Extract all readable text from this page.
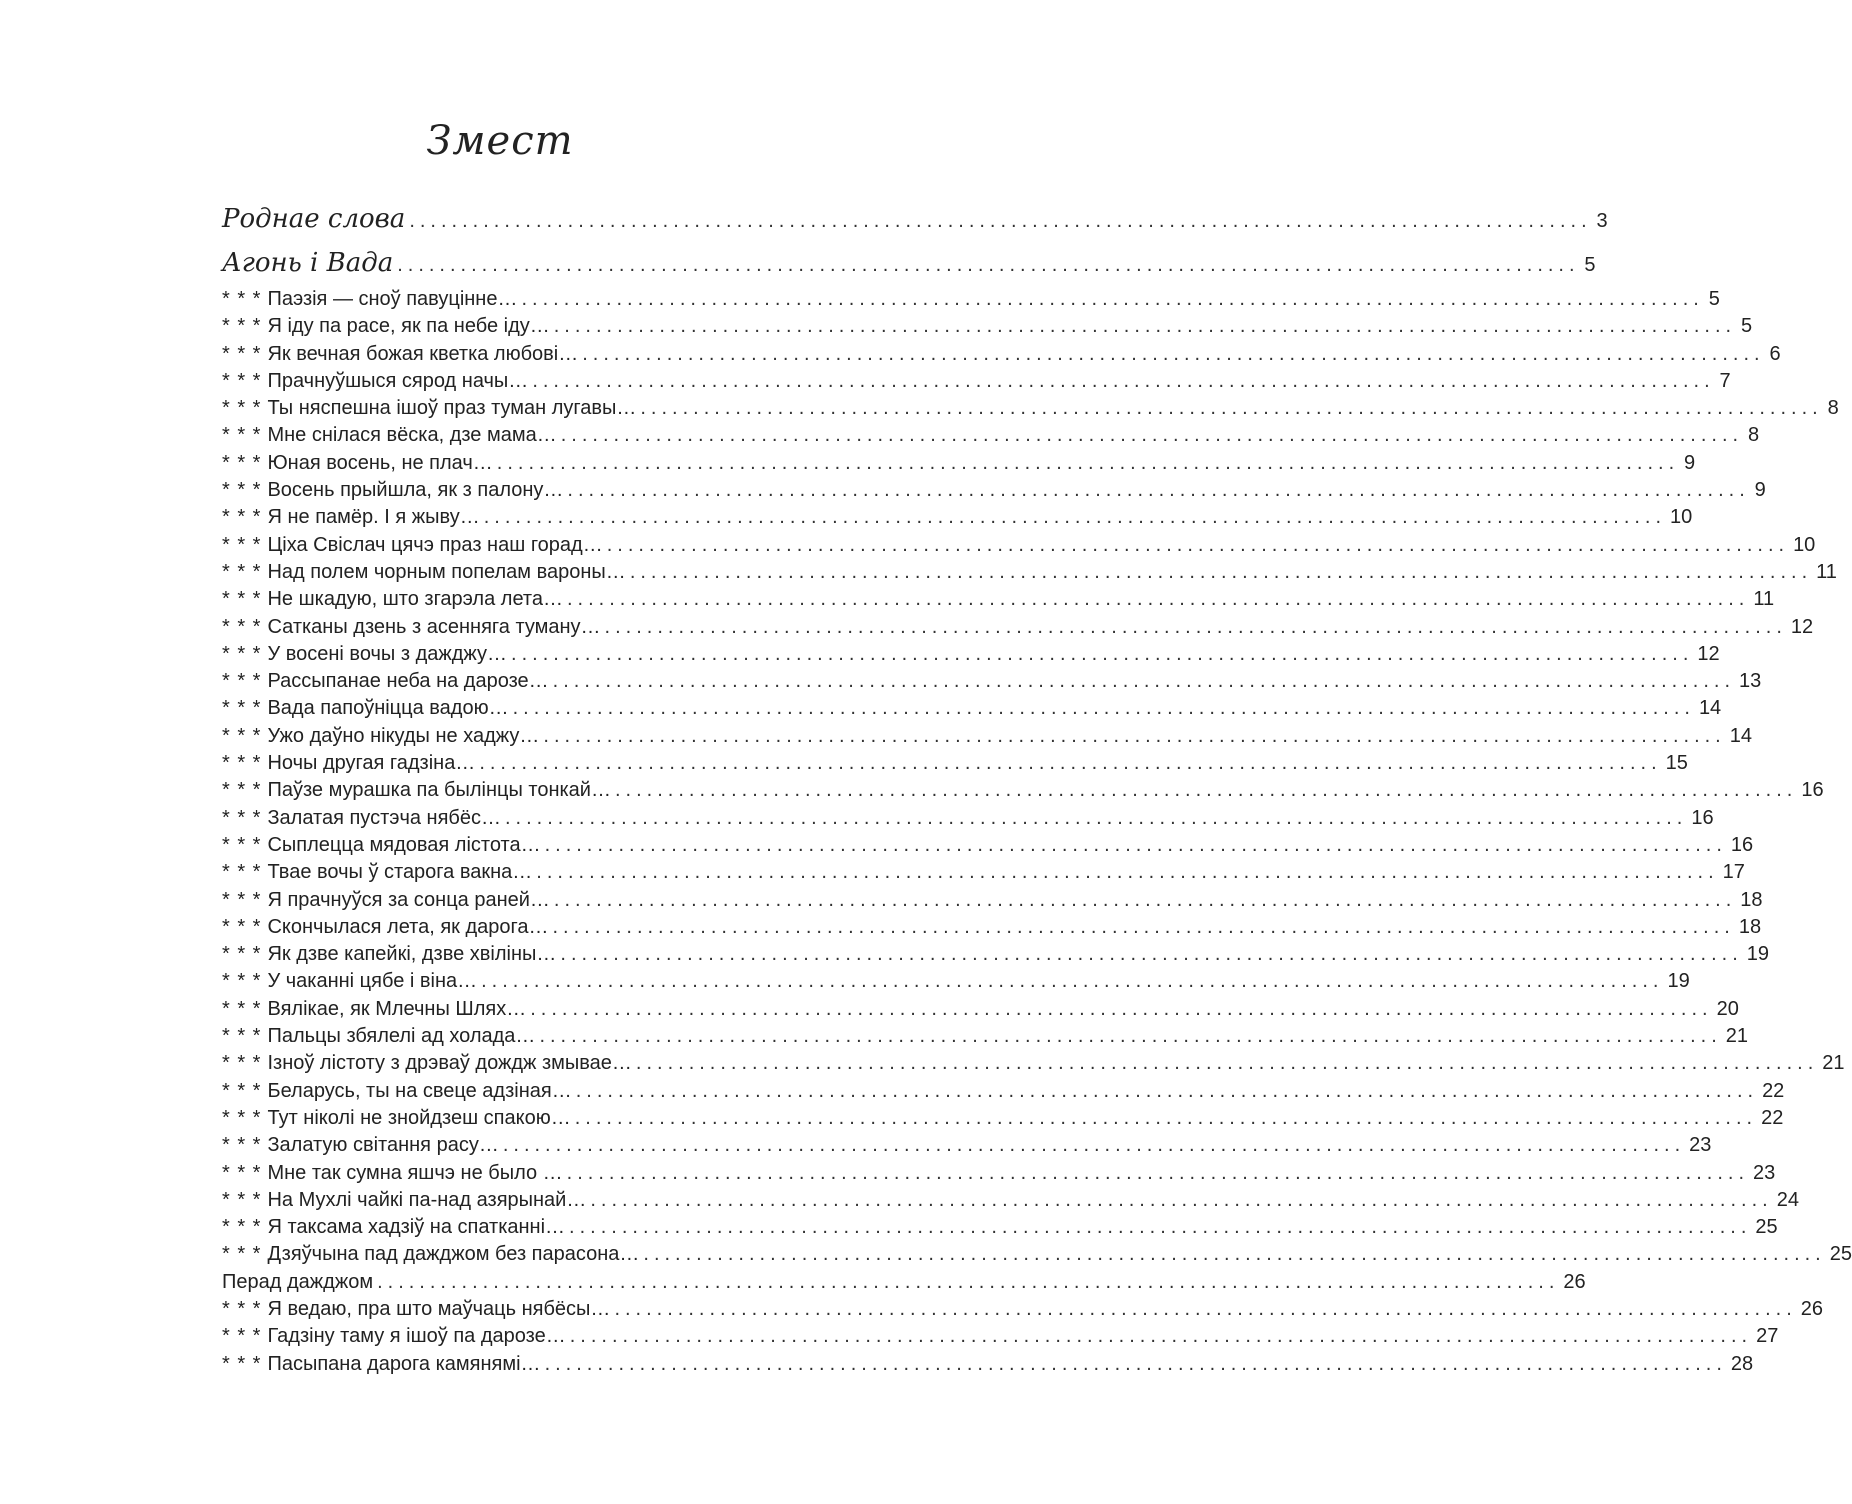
Змест
Роднае слова ................................................................................................................ 3
Агонь і Вада ................................................................................................................ 5
* * * Паэзія — сноў павуцінне… ................................................................................................................ 5
* * * Я іду па расе, як па небе іду… ................................................................................................................ 5
* * * Як вечная божая кветка любові… ................................................................................................................ 6
* * * Прачнуўшыся сярод начы… ................................................................................................................ 7
* * * Ты няспешна ішоў праз туман лугавы… ................................................................................................................ 8
* * * Мне снілася вёска, дзе мама… ................................................................................................................ 8
* * * Юная восень, не плач… ................................................................................................................ 9
* * * Восень прыйшла, як з палону… ................................................................................................................ 9
* * * Я не памёр. І я жыву… ................................................................................................................ 10
* * * Ціха Свіслач цячэ праз наш горад… ................................................................................................................ 10
* * * Над полем чорным попелам вароны… ................................................................................................................ 11
* * * Не шкадую, што згарэла лета… ................................................................................................................ 11
* * * Сатканы дзень з асенняга туману… ................................................................................................................ 12
* * * У восені вочы з дажджу… ................................................................................................................ 12
* * * Рассыпанае неба на дарозе… ................................................................................................................ 13
* * * Вада папоўніцца вадою… ................................................................................................................ 14
* * * Ужо даўно нікуды не хаджу… ................................................................................................................ 14
* * * Ночы другая гадзіна… ................................................................................................................ 15
* * * Паўзе мурашка па былінцы тонкай… ................................................................................................................ 16
* * * Залатая пустэча нябёс… ................................................................................................................ 16
* * * Сыплецца мядовая лістота… ................................................................................................................ 16
* * * Твае вочы ў старога вакна… ................................................................................................................ 17
* * * Я прачнуўся за сонца раней… ................................................................................................................ 18
* * * Скончылася лета, як дарога… ................................................................................................................ 18
* * * Як дзве капейкі, дзве хвіліны… ................................................................................................................ 19
* * * У чаканні цябе і віна… ................................................................................................................ 19
* * * Вялікае, як Млечны Шлях… ................................................................................................................ 20
* * * Пальцы збялелі ад холада… ................................................................................................................ 21
* * * Ізноў лістоту з дрэваў дождж змывае… ................................................................................................................ 21
* * * Беларусь, ты на свеце адзіная… ................................................................................................................ 22
* * * Тут ніколі не знойдзеш спакою… ................................................................................................................ 22
* * * Залатую світання расу… ................................................................................................................ 23
* * * Мне так сумна яшчэ не было … ................................................................................................................ 23
* * * На Мухлі чайкі па-над азярынай… ................................................................................................................ 24
* * * Я таксама хадзіў на спатканні… ................................................................................................................ 25
* * * Дзяўчына пад дажджом без парасона… ................................................................................................................ 25
Перад дажджом ................................................................................................................ 26
* * * Я ведаю, пра што маўчаць нябёсы… ................................................................................................................ 26
* * * Гадзіну таму я ішоў па дарозе… ................................................................................................................ 27
* * * Пасыпана дарога камянямі… ................................................................................................................ 28
